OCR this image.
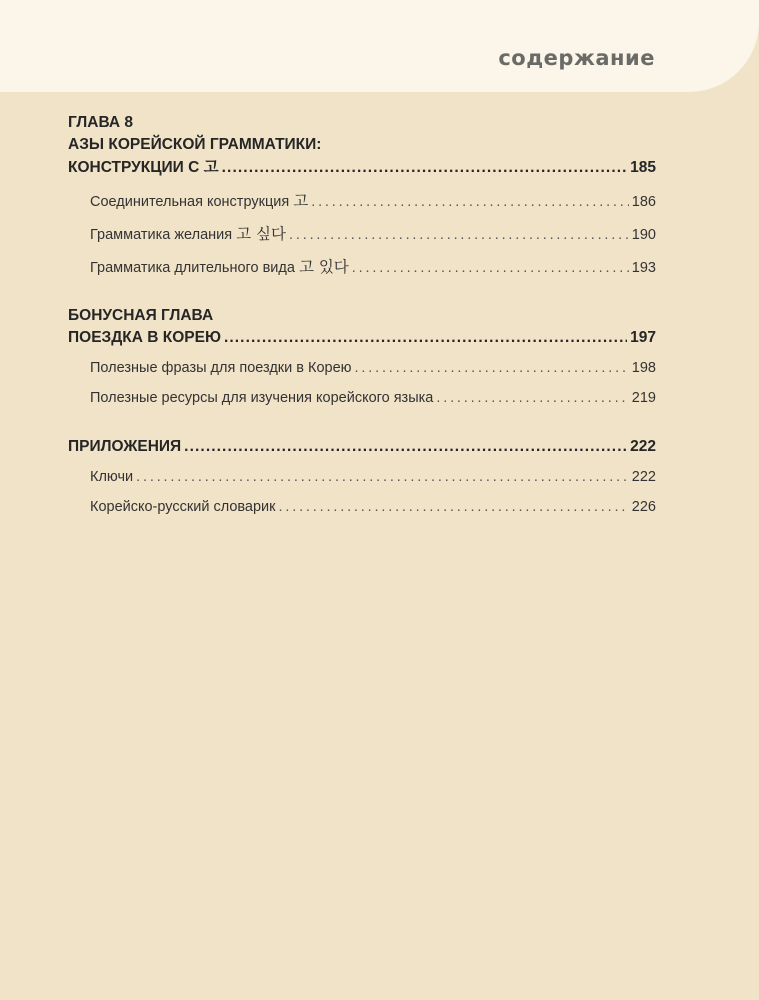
содержание
ГЛАВА 8
АЗЫ КОРЕЙСКОЙ ГРАММАТИКИ:
КОНСТРУКЦИИ С 고 . . .	185
Соединительная конструкция 고 . . .	186
Грамматика желания 고 싶다 . . .	190
Грамматика длительного вида 고 있다 . . .	193
БОНУСНАЯ ГЛАВА
ПОЕЗДКА В КОРЕЮ . . .	197
Полезные фразы для поездки в Корею . . .	198
Полезные ресурсы для изучения корейского языка . . .	219
ПРИЛОЖЕНИЯ . . .	222
Ключи . . .	222
Корейско-русский словарик . . .	226
